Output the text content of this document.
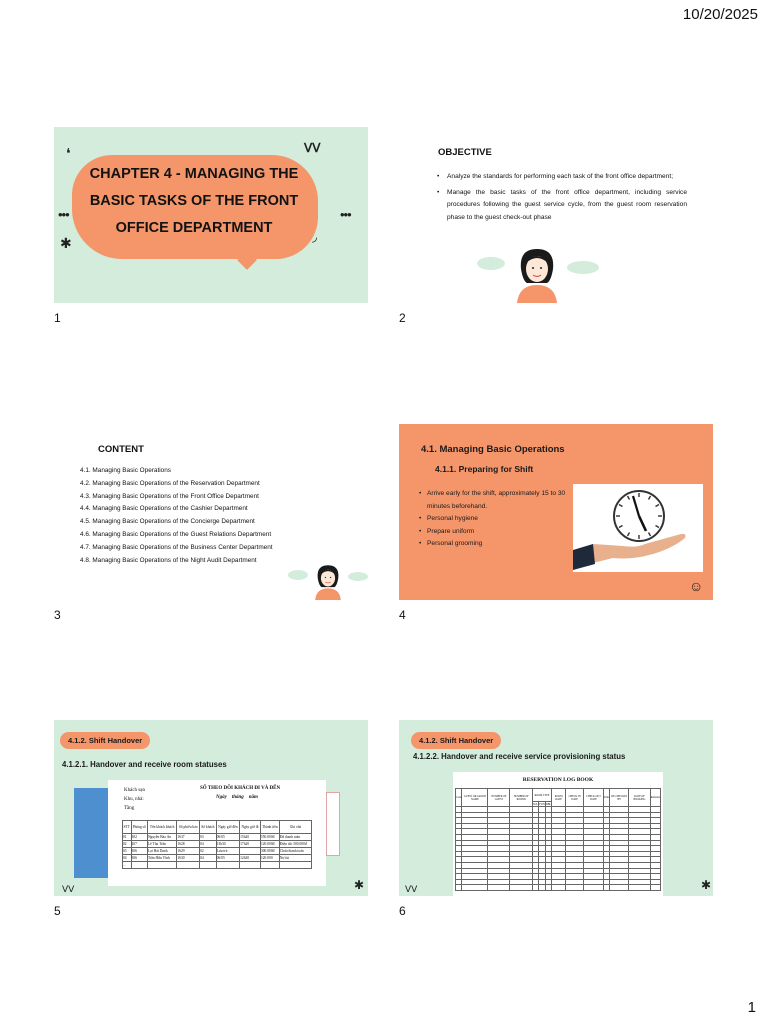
10/20/2025
CHAPTER 4 - MANAGING THE BASIC TASKS OF THE FRONT OFFICE DEPARTMENT
❛	ᐯᐯ
•••	•••
✱	◞
1
OBJECTIVE
• Analyze the standards for performing each task of the front office department;
• Manage the basic tasks of the front office department, including service procedures following the guest service cycle, from the guest room reservation phase to the guest check-out phase
2
CONTENT
4.1. Managing Basic Operations
4.2. Managing Basic Operations of the Reservation Department
4.3. Managing Basic Operations of the Front Office Department
4.4. Managing Basic Operations of the Cashier Department
4.5. Managing Basic Operations of the Concierge Department
4.6. Managing Basic Operations of the Guest Relations Department
4.7. Managing Basic Operations of the Business Center Department
4.8. Managing Basic Operations of the Night Audit Department
3
4.1. Managing Basic Operations
4.1.1. Preparing for Shift
• Arrive early for the shift, approximately 15 to 30 minutes beforehand.
• Personal hygiene
• Prepare uniform
• Personal grooming
☺
4
4.1.2. Shift Handover
4.1.2.1. Handover and receive room statuses
Khách sạn
Khu, nhà:
Tầng
SỔ THEO DÕI KHÁCH ĐI VÀ ĐẾN
Ngày    tháng    năm
STT	Phòng số	Tên khách khách	Số phiếu báo	Số khách	Ngày giờ đến	Ngày giờ đi	Thành tiền	Ghi chú
01	302	Nguyễn Bảo An	1637	03	06/05	15h20	550.000đ	Đã thanh toán
02	207	Lê Thu Trần	1628	04	13h30	17h20	120.000đ	Điện tức 500.000đ
03	306	Lại Hải Danh	1629	02	Lưu trú		300.000đ	Chưa thanh toán
04	306	Trần Hữu Vĩnh	1630	04	06/05	12h30	120.000	Nợ tài
...								
ᐯᐯ	✱
5
4.1.2. Shift Handover
4.1.2.2. Handover and receive service provisioning status
RESERVATION LOG BOOK
Code	GUEST OR GROUP NAME	NUMBER OF GUEST	NUMBER OF ROOMS	ROOM TYPE			ROOM RATE	CHECK IN DATE	CHECK OUT DATE	Time	RE-CHECKIN BY	DATE OF BOOKING	Remarks
				SGL	TWN	DBL							

ᐯᐯ	✱
6
1
